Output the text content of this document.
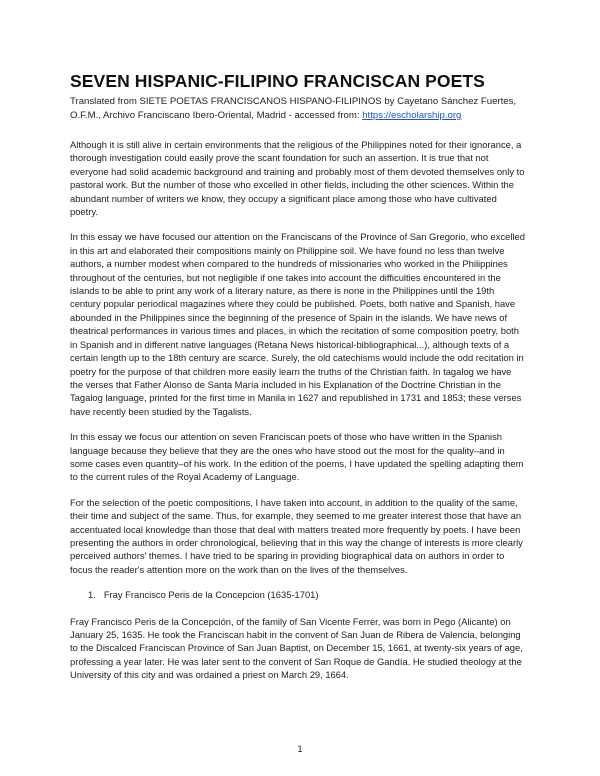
SEVEN HISPANIC-FILIPINO FRANCISCAN POETS

Translated from SIETE POETAS FRANCISCANOS HISPANO-FILIPINOS by Cayetano Sánchez Fuertes, O.F.M., Archivo Franciscano Ibero-Oriental, Madrid - accessed from: https://escholarship.org

Although it is still alive in certain environments that the religious of the Philippines noted for their ignorance, a thorough investigation could easily prove the scant foundation for such an assertion. It is true that not everyone had solid academic background and training and probably most of them devoted themselves only to pastoral work. But the number of those who excelled in other fields, including the other sciences. Within the abundant number of writers we know, they occupy a significant place among those who have cultivated poetry.

In this essay we have focused our attention on the Franciscans of the Province of San Gregorio, who excelled in this art and elaborated their compositions mainly on Philippine soil. We have found no less than twelve authors, a number modest when compared to the hundreds of missionaries who worked in the Philippines throughout of the centuries, but not negligible if one takes into account the difficulties encountered in the islands to be able to print any work of a literary nature, as there is none in the Philippines until the 19th century popular periodical magazines where they could be published. Poets, both native and Spanish, have abounded in the Philippines since the beginning of the presence of Spain in the islands. We have news of theatrical performances in various times and places, in which the recitation of some composition poetry, both in Spanish and in different native languages (Retana News historical-bibliographical...), although texts of a certain length up to the 18th century are scarce. Surely, the old catechisms would include the odd recitation in poetry for the purpose of that children more easily learn the truths of the Christian faith. In tagalog we have the verses that Father Alonso de Santa María included in his Explanation of the Doctrine Christian in the Tagalog language, printed for the first time in Manila in 1627 and republished in 1731 and 1853; these verses have recently been studied by the Tagalists.

In this essay we focus our attention on seven Franciscan poets of those who have written in the Spanish language because they believe that they are the ones who have stood out the most for the quality–and in some cases even quantity–of his work. In the edition of the poems, I have updated the spelling adapting them to the current rules of the Royal Academy of Language.

For the selection of the poetic compositions, I have taken into account, in addition to the quality of the same, their time and subject of the same. Thus, for example, they seemed to me greater interest those that have an accentuated local knowledge than those that deal with matters treated more frequently by poets. I have been presenting the authors in order chronological, believing that in this way the change of interests is more clearly perceived authors' themes. I have tried to be sparing in providing biographical data on authors in order to focus the reader's attention more on the work than on the lives of the themselves.

1. Fray Francisco Peris de la Concepcion (1635-1701)

Fray Francisco Peris de la Concepción, of the family of San Vicente Ferrer, was born in Pego (Alicante) on January 25, 1635. He took the Franciscan habit in the convent of San Juan de Ribera de Valencia, belonging to the Discalced Franciscan Province of San Juan Baptist, on December 15, 1661, at twenty-six years of age, professing a year later. He was later sent to the convent of San Roque de Gandía. He studied theology at the University of this city and was ordained a priest on March 29, 1664.

1
